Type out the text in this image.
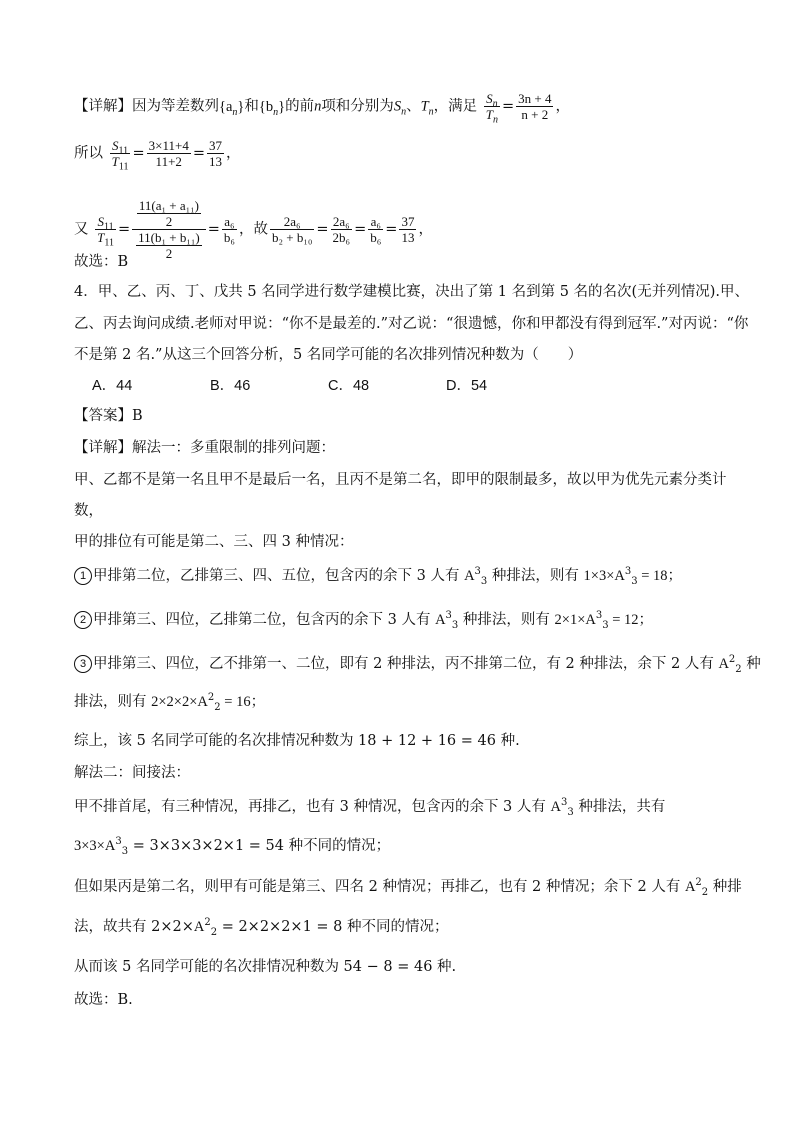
【详解】因为等差数列$\{a_n\}$和$\{b_n\}$的前n项和分别为$S_n$、$T_n$，满足 $\frac{S_n}{T_n} = \frac{3n + 4}{n + 2}$ ，
所以 $\frac{S_{11}}{T_{11}} = \frac{3\times 11+4}{11+2} = \frac{37}{13}$ ，
又 $\frac{S_{11}}{T_{11}} = \frac{\frac{\text{11(a₁ + a₁₁)}}{2}}{\frac{\text{11(b₁ + b₁₁)}}{2}} = \frac{\text{a₆}}{\text{b₆}}$ ，故 $\frac{\text{2a₆}}{\text{b₂ + b₁₀}} = \frac{\text{2a₆}}{\text{2b₆}} = \frac{\text{a₆}}{\text{b₆}} = \frac{37}{13}$ ，
故选：B
4．甲、乙、丙、丁、戊共 5 名同学进行数学建模比赛，决出了第 1 名到第 5 名的名次(无并列情况).甲、
乙、丙去询问成绩.老师对甲说：“你不是最差的.”对乙说：“很遗憾，你和甲都没有得到冠军.”对丙说：“你
不是第 2 名.”从这三个回答分析，5 名同学可能的名次排列情况种数为（　　）
A．44	B．46	C．48	D．54
【答案】B
【详解】解法一：多重限制的排列问题：
甲、乙都不是第一名且甲不是最后一名，且丙不是第二名，即甲的限制最多，故以甲为优先元素分类计
数，
甲的排位有可能是第二、三、四 3 种情况：
1 甲排第二位，乙排第三、四、五位，包含丙的余下 3 人有 $A^3_3$ 种排法，则有 $1\times 3\times A^3_3 = 18$；
2 甲排第三、四位，乙排第二位，包含丙的余下 3 人有 $A^3_3$ 种排法，则有 $2\times 1\times A^3_3 = 12$；
3 甲排第三、四位，乙不排第一、二位，即有 2 种排法，丙不排第二位，有 2 种排法，余下 2 人有 $A^2_2$ 种
排法，则有 $2\times 2\times 2\times A^2_2 = 16$；
综上，该 5 名同学可能的名次排情况种数为 18 + 12 + 16 = 46 种.
解法二：间接法：
甲不排首尾，有三种情况，再排乙，也有 3 种情况，包含丙的余下 3 人有 $A^3_3$ 种排法，共有
$3\times 3\times A^3_3 = 3\times 3\times 3\times 2\times 1 = 54$ 种不同的情况；
但如果丙是第二名，则甲有可能是第三、四名 2 种情况；再排乙，也有 2 种情况；余下 2 人有 $A^2_2$ 种排
法，故共有 $2\times 2\times A^2_2 = 2\times 2\times 2\times 1 = 8$ 种不同的情况；
从而该 5 名同学可能的名次排情况种数为 54 − 8 = 46 种.
故选：B.
